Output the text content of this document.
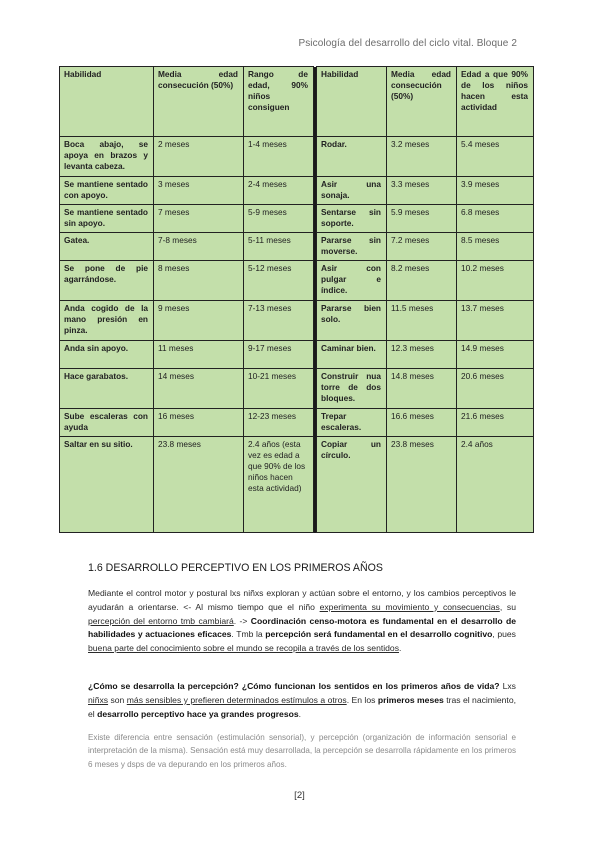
Psicología del desarrollo del ciclo vital. Bloque 2
Habilidad	Media edad consecución (50%)	Rango de edad, 90% niños consiguen		Habilidad	Media edad consecución (50%)	Edad a que 90% de los niños hacen esta actividad
Boca abajo, se apoya en brazos y levanta cabeza.	2 meses	1-4 meses		Rodar.	3.2 meses	5.4 meses
Se mantiene sentado con apoyo.	3 meses	2-4 meses		Asir una sonaja.	3.3 meses	3.9 meses
Se mantiene sentado sin apoyo.	7 meses	5-9 meses		Sentarse sin soporte.	5.9 meses	6.8 meses
Gatea.	7-8 meses	5-11 meses		Pararse sin moverse.	7.2 meses	8.5 meses
Se pone de pie agarrándose.	8 meses	5-12 meses		Asir con pulgar e índice.	8.2 meses	10.2 meses
Anda cogido de la mano presión en pinza.	9 meses	7-13 meses		Pararse bien solo.	11.5 meses	13.7 meses
Anda sin apoyo.	11 meses	9-17 meses		Caminar bien.	12.3 meses	14.9 meses
Hace garabatos.	14 meses	10-21 meses		Construir nua torre de dos bloques.	14.8 meses	20.6 meses
Sube escaleras con ayuda	16 meses	12-23 meses		Trepar escaleras.	16.6 meses	21.6 meses
Saltar en su sitio.	23.8 meses	2.4 años (esta vez es edad a que 90% de los niños hacen esta actividad)		Copiar un círculo.	23.8 meses	2.4 años
1.6 DESARROLLO PERCEPTIVO EN LOS PRIMEROS AÑOS
Mediante el control motor y postural lxs niñxs exploran y actúan sobre el entorno, y los cambios perceptivos le ayudarán a orientarse. <- Al mismo tiempo que el niño experimenta su movimiento y consecuencias, su percepción del entorno tmb cambiará. -> Coordinación censo-motora es fundamental en el desarrollo de habilidades y actuaciones eficaces. Tmb la percepción será fundamental en el desarrollo cognitivo, pues buena parte del conocimiento sobre el mundo se recopila a través de los sentidos.
¿Cómo se desarrolla la percepción? ¿Cómo funcionan los sentidos en los primeros años de vida? Lxs niñxs son más sensibles y prefieren determinados estímulos a otros. En los primeros meses tras el nacimiento, el desarrollo perceptivo hace ya grandes progresos.
Existe diferencia entre sensación (estimulación sensorial), y percepción (organización de información sensorial e interpretación de la misma). Sensación está muy desarrollada, la percepción se desarrolla rápidamente en los primeros 6 meses y dsps de va depurando en los primeros años.
[2]
